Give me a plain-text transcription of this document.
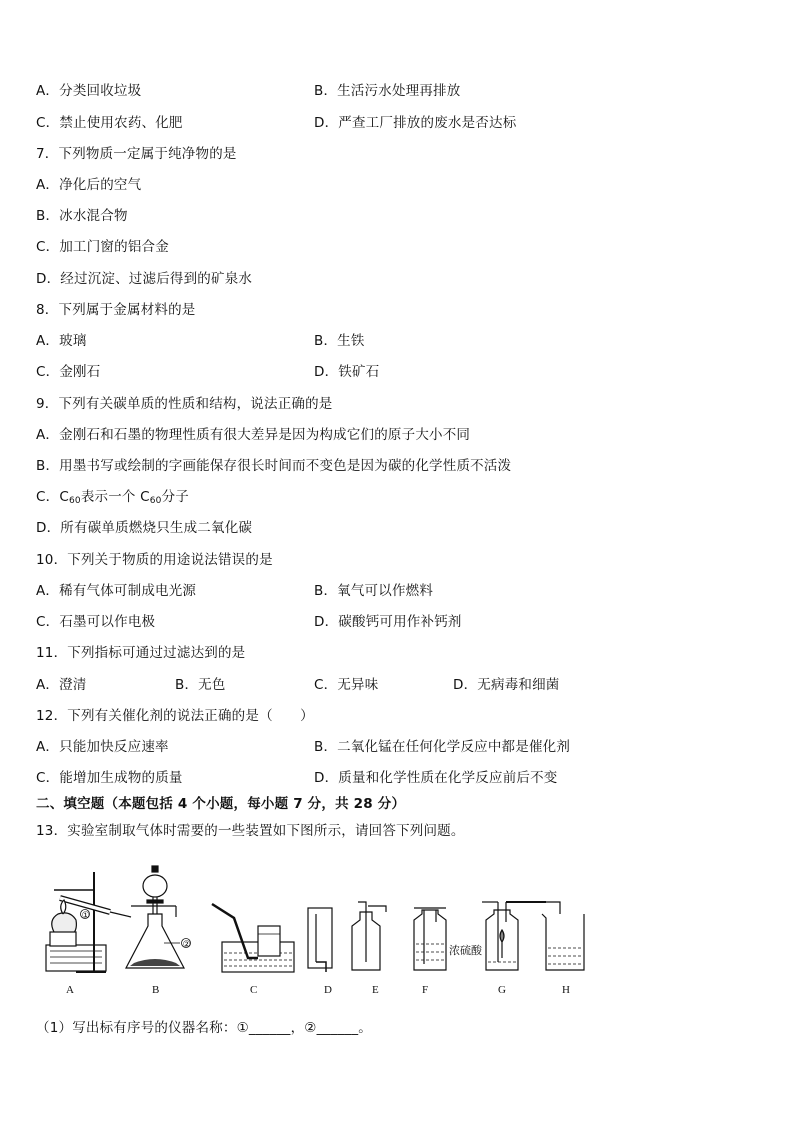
A．分类回收垃圾	B．生活污水处理再排放
C．禁止使用农药、化肥	D．严查工厂排放的废水是否达标
7．下列物质一定属于纯净物的是
A．净化后的空气
B．冰水混合物
C．加工门窗的铝合金
D．经过沉淀、过滤后得到的矿泉水
8．下列属于金属材料的是
A．玻璃	B．生铁
C．金刚石	D．铁矿石
9．下列有关碳单质的性质和结构，说法正确的是
A．金刚石和石墨的物理性质有很大差异是因为构成它们的原子大小不同
B．用墨书写或绘制的字画能保存很长时间而不变色是因为碳的化学性质不活泼
C．$C_{60}$表示一个 $C_{60}$分子
D．所有碳单质燃烧只生成二氧化碳
10．下列关于物质的用途说法错误的是
A．稀有气体可制成电光源	B．氧气可以作燃料
C．石墨可以作电极	D．碳酸钙可用作补钙剂
11．下列指标可通过过滤达到的是
A．澄清	B．无色	C．无异味	D．无病毒和细菌
12．下列有关催化剂的说法正确的是（　　）
A．只能加快反应速率	B．二氧化锰在任何化学反应中都是催化剂
C．能增加生成物的质量	D．质量和化学性质在化学反应前后不变
二、填空题（本题包括 4 个小题，每小题 7 分，共 28 分）
13．实验室制取气体时需要的一些装置如下图所示，请回答下列问题。
①
A
②
B	C	D	E
浓硫酸
F	G	H
（1）写出标有序号的仪器名称：①______，②______。
